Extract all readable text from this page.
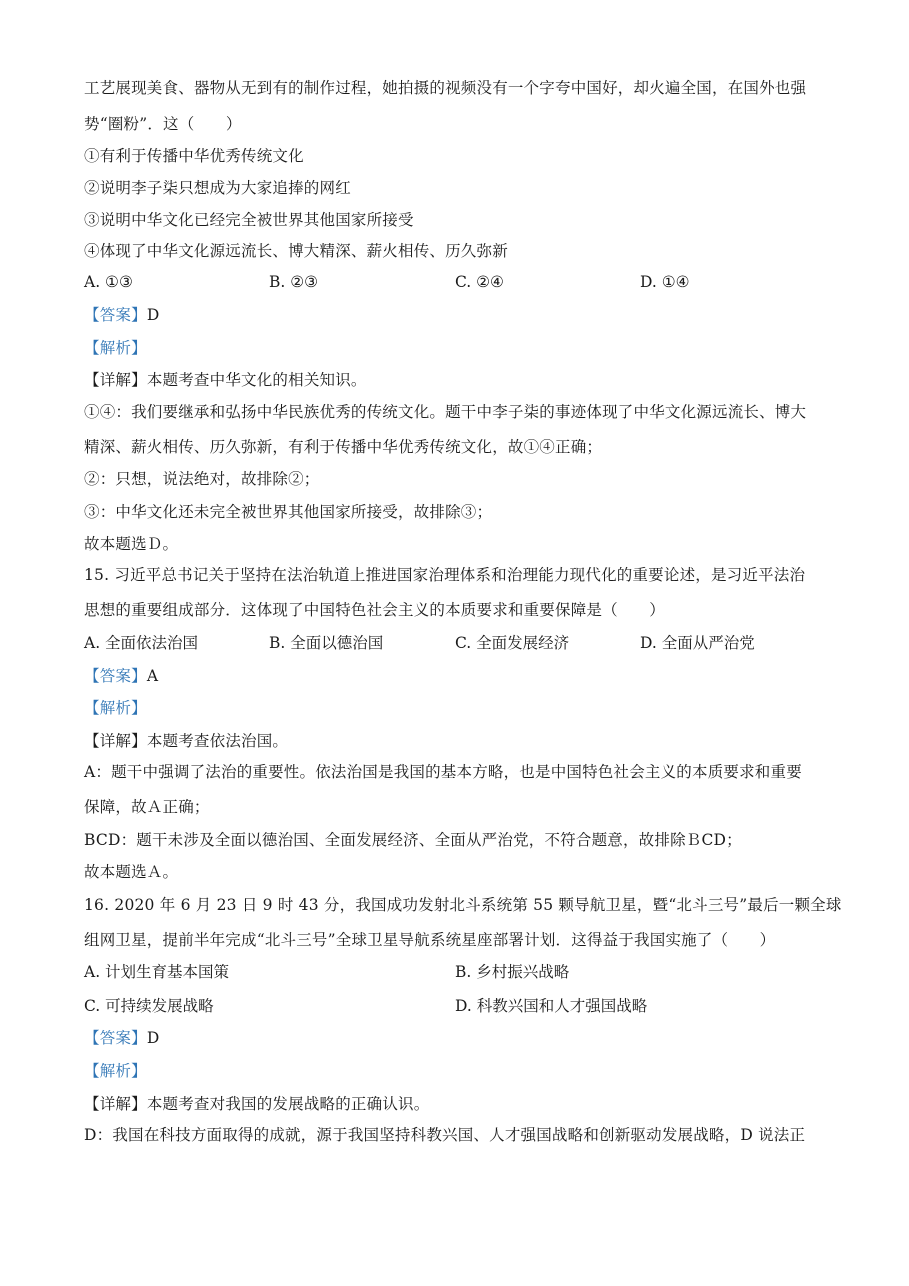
工艺展现美食、器物从无到有的制作过程，她拍摄的视频没有一个字夸中国好，却火遍全国，在国外也强
势“圈粉”．这（　　）
①有利于传播中华优秀传统文化
②说明李子柒只想成为大家追捧的网红
③说明中华文化已经完全被世界其他国家所接受
④体现了中华文化源远流长、博大精深、薪火相传、历久弥新
A. ①③	B. ②③	C. ②④	D. ①④
【答案】D
【解析】
【详解】本题考查中华文化的相关知识。
①④：我们要继承和弘扬中华民族优秀的传统文化。题干中李子柒的事迹体现了中华文化源远流长、博大
精深、薪火相传、历久弥新，有利于传播中华优秀传统文化，故①④正确；
②：只想，说法绝对，故排除②；
③：中华文化还未完全被世界其他国家所接受，故排除③；
故本题选Ｄ。
15. 习近平总书记关于坚持在法治轨道上推进国家治理体系和治理能力现代化的重要论述，是习近平法治
思想的重要组成部分．这体现了中国特色社会主义的本质要求和重要保障是（　　）
A. 全面依法治国	B. 全面以德治国	C. 全面发展经济	D. 全面从严治党
【答案】A
【解析】
【详解】本题考查依法治国。
A：题干中强调了法治的重要性。依法治国是我国的基本方略，也是中国特色社会主义的本质要求和重要
保障，故Ａ正确；
BCD：题干未涉及全面以德治国、全面发展经济、全面从严治党，不符合题意，故排除ＢCD；
故本题选Ａ。
16. 2020 年 6 月 23 日 9 时 43 分，我国成功发射北斗系统第 55 颗导航卫星，暨“北斗三号”最后一颗全球
组网卫星，提前半年完成“北斗三号”全球卫星导航系统星座部署计划．这得益于我国实施了（　　）
A. 计划生育基本国策	B. 乡村振兴战略
C. 可持续发展战略	D. 科教兴国和人才强国战略
【答案】D
【解析】
【详解】本题考查对我国的发展战略的正确认识。
D：我国在科技方面取得的成就，源于我国坚持科教兴国、人才强国战略和创新驱动发展战略，D 说法正
